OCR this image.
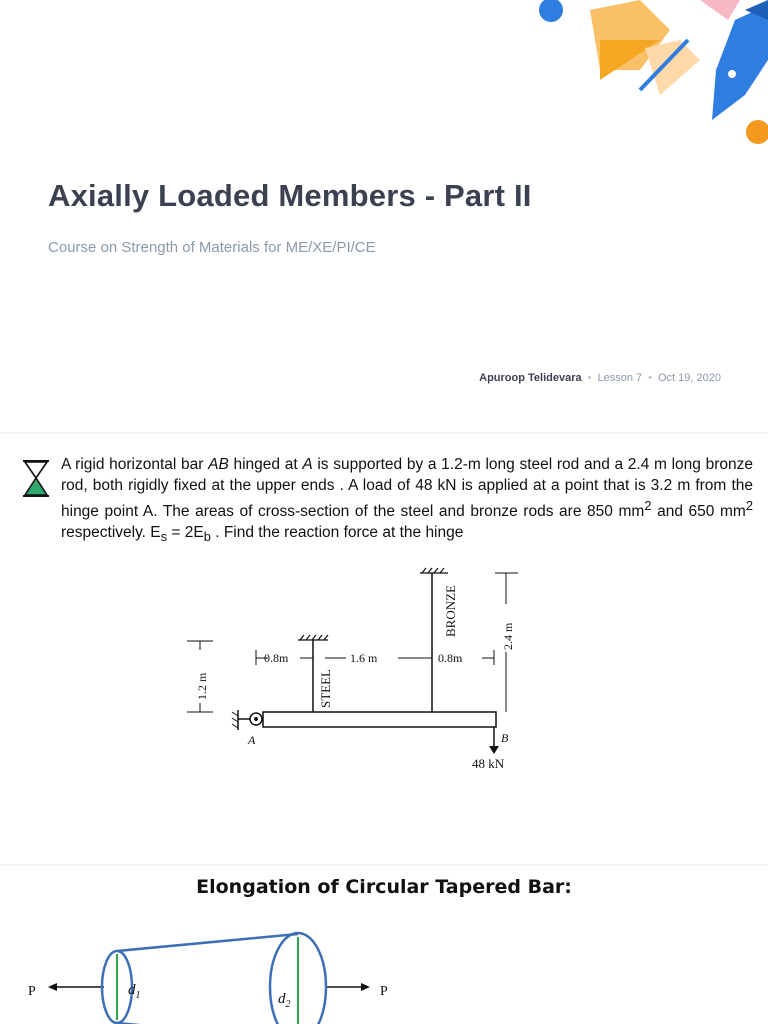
Axially Loaded Members - Part II
Course on Strength of Materials for ME/XE/PI/CE
Apuroop Telidevara • Lesson 7 • Oct 19, 2020
A rigid horizontal bar AB hinged at A is supported by a 1.2-m long steel rod and a 2.4 m long bronze rod, both rigidly fixed at the upper ends . A load of 48 kN is applied at a point that is 3.2 m from the hinge point A. The areas of cross-section of the steel and bronze rods are 850 $mm^2$ and 650 $mm^2$ respectively. $E_s = 2E_b$ . Find the reaction force at the hinge
STEEL
BRONZE
A	B
48 kN
0.8m	1.6 m	0.8m
1.2 m
2.4 m
Elongation of Circular Tapered Bar:
P	P
$d_1$	$d_2$
